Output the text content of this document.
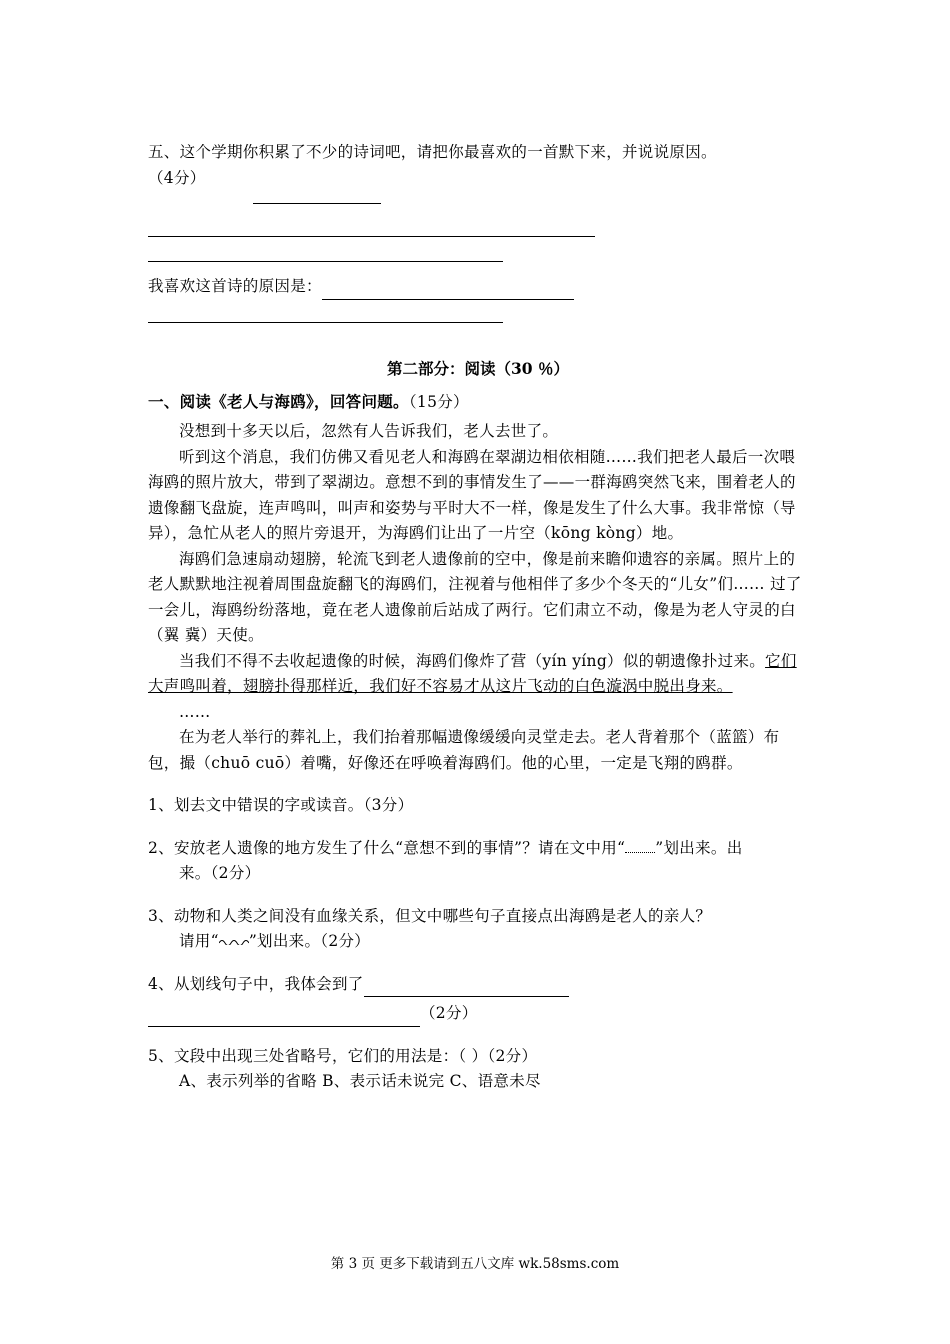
五、这个学期你积累了不少的诗词吧，请把你最喜欢的一首默下来，并说说原因。

（4分）

我喜欢这首诗的原因是：
第二部分：阅读（30 ％）
一、阅读《老人与海鸥》，回答问题。（15分）

没想到十多天以后，忽然有人告诉我们，老人去世了。

听到这个消息，我们仿佛又看见老人和海鸥在翠湖边相依相随……我们把老人最后一次喂海鸥的照片放大，带到了翠湖边。意想不到的事情发生了——一群海鸥突然飞来，围着老人的遗像翻飞盘旋，连声鸣叫，叫声和姿势与平时大不一样，像是发生了什么大事。我非常惊（导 异），急忙从老人的照片旁退开，为海鸥们让出了一片空（kōng kòng）地。

海鸥们急速扇动翅膀，轮流飞到老人遗像前的空中，像是前来瞻仰遗容的亲属。照片上的老人默默地注视着周围盘旋翻飞的海鸥们，注视着与他相伴了多少个冬天的“儿女”们…… 过了一会儿，海鸥纷纷落地，竟在老人遗像前后站成了两行。它们肃立不动，像是为老人守灵的白（翼 冀）天使。

当我们不得不去收起遗像的时候，海鸥们像炸了营（yín yíng）似的朝遗像扑过来。它们大声鸣叫着，翅膀扑得那样近，我们好不容易才从这片飞动的白色漩涡中脱出身来。

……

在为老人举行的葬礼上，我们抬着那幅遗像缓缓向灵堂走去。老人背着那个（蓝篮）布包，撮（chuō cuō）着嘴，好像还在呼唤着海鸥们。他的心里，一定是飞翔的鸥群。

1、划去文中错误的字或读音。（3分）

2、安放老人遗像的地方发生了什么“意想不到的事情”？请在文中用“ ”划出来。出

来。（2分）

3、动物和人类之间没有血缘关系，但文中哪些句子直接点出海鸥是老人的亲人？

请用“ ”划出来。（2分）

4、从划线句子中，我体会到了

（2分）

5、文段中出现三处省略号，它们的用法是：（ ）（2分）

A、表示列举的省略 B、表示话未说完 C、语意未尽

第 3 页 更多下载请到五八文库 wk.58sms.com
